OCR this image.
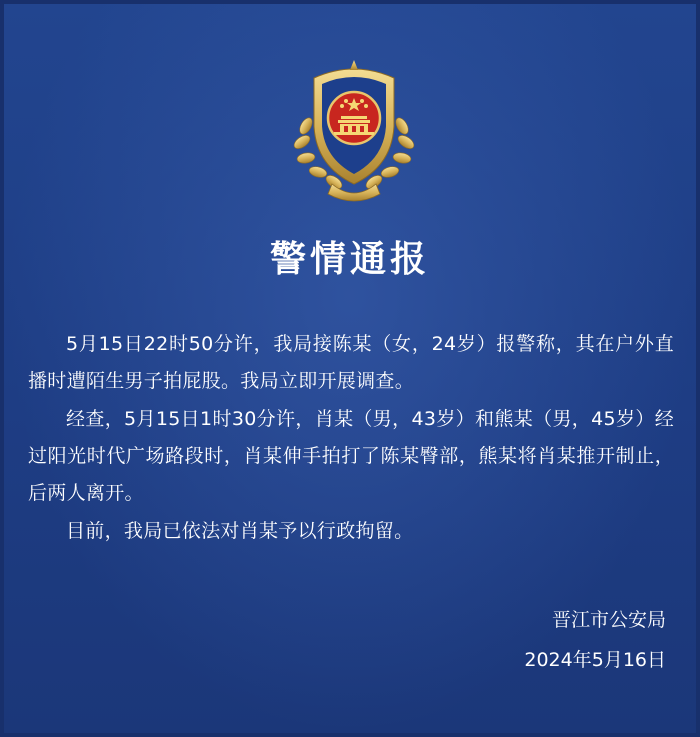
警情通报

5月15日22时50分许，我局接陈某（女，24岁）报警称，其在户外直播时遭陌生男子拍屁股。我局立即开展调查。

经查，5月15日1时30分许，肖某（男，43岁）和熊某（男，45岁）经过阳光时代广场路段时，肖某伸手拍打了陈某臀部，熊某将肖某推开制止，后两人离开。

目前，我局已依法对肖某予以行政拘留。

晋江市公安局
2024年5月16日
